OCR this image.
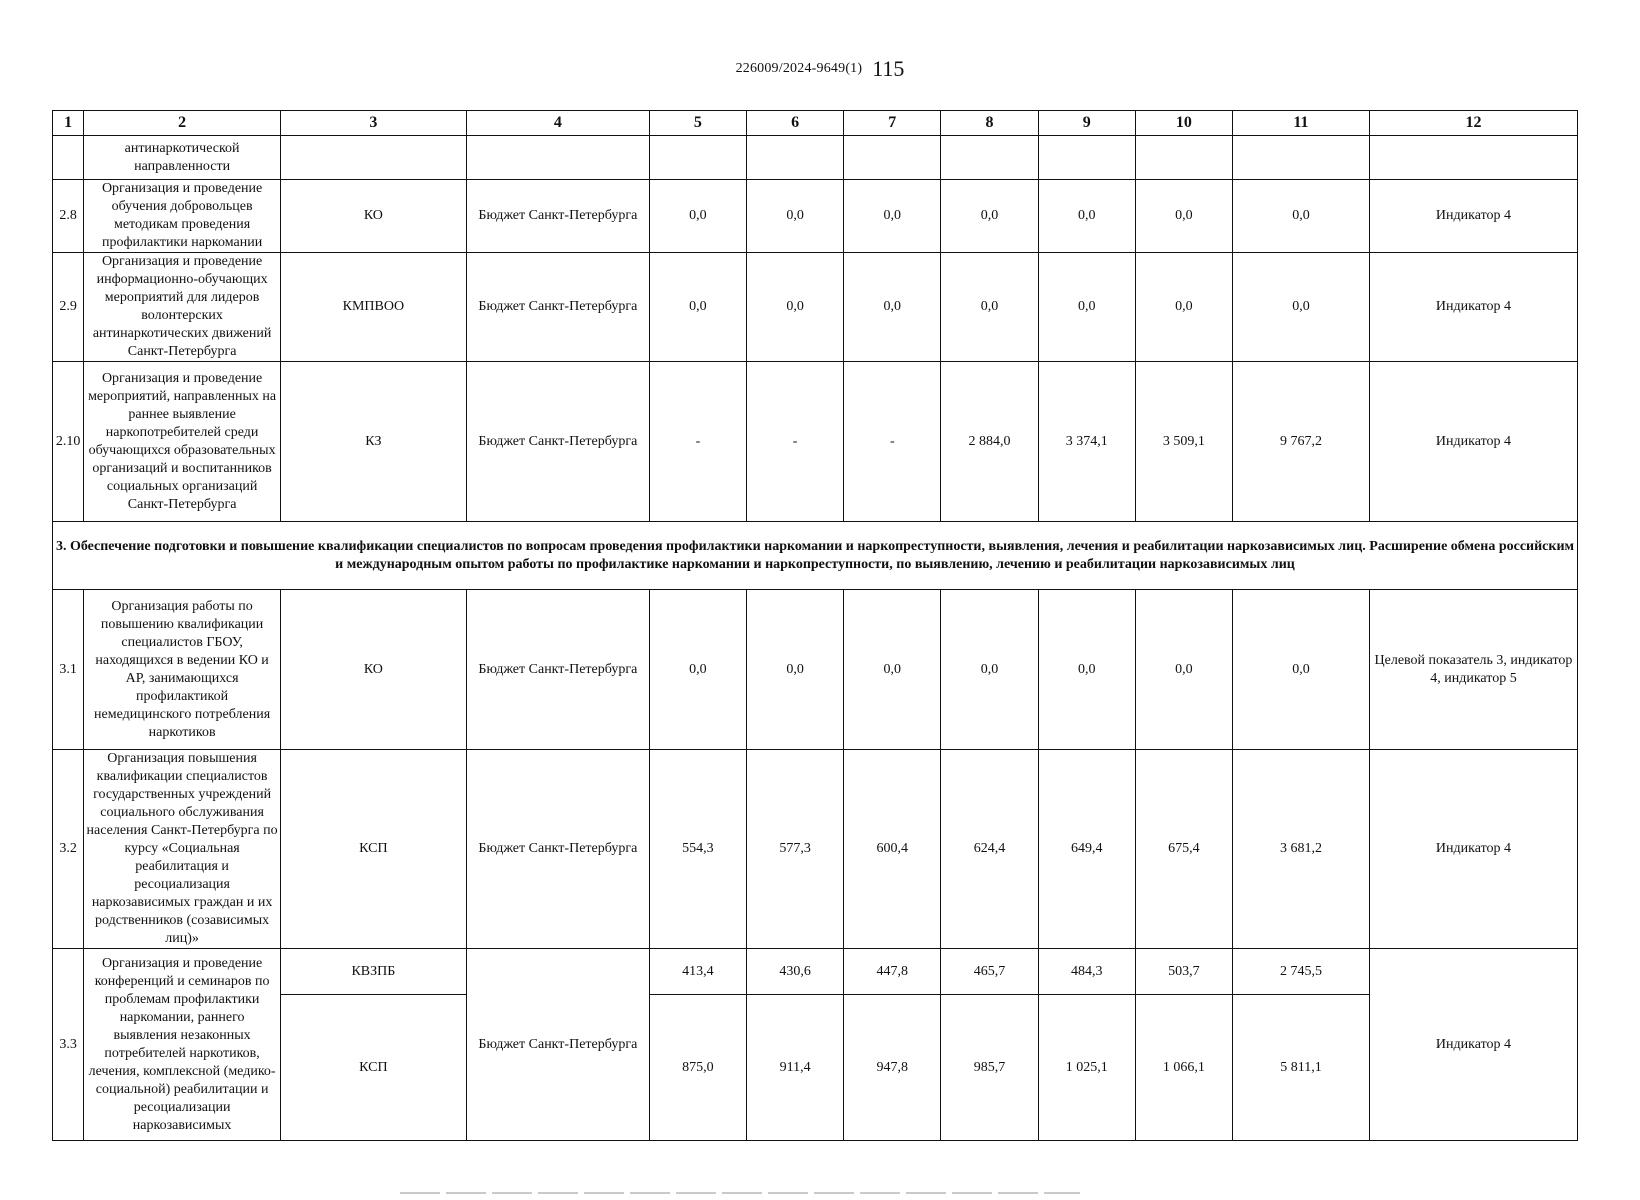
226009/2024-9649(1) 115
1	2	3	4	5	6	7	8	9	10	11	12
	антинаркотической направленности										
2.8	Организация и проведение обучения добровольцев методикам проведения профилактики наркомании	КО	Бюджет Санкт-Петербурга	0,0	0,0	0,0	0,0	0,0	0,0	0,0	Индикатор 4
2.9	Организация и проведение информационно-обучающих мероприятий для лидеров волонтерских антинаркотических движений Санкт-Петербурга	КМПВОО	Бюджет Санкт-Петербурга	0,0	0,0	0,0	0,0	0,0	0,0	0,0	Индикатор 4
2.10	Организация и проведение мероприятий, направленных на раннее выявление наркопотребителей среди обучающихся образовательных организаций и воспитанников социальных организаций Санкт-Петербурга	КЗ	Бюджет Санкт-Петербурга	-	-	-	2 884,0	3 374,1	3 509,1	9 767,2	Индикатор 4
3. Обеспечение подготовки и повышение квалификации специалистов по вопросам проведения профилактики наркомании и наркопреступности, выявления, лечения и реабилитации наркозависимых лиц. Расширение обмена российским и международным опытом работы по профилактике наркомании и наркопреступности, по выявлению, лечению и реабилитации наркозависимых лиц											
3.1	Организация работы по повышению квалификации специалистов ГБОУ, находящихся в ведении КО и АР, занимающихся профилактикой немедицинского потребления наркотиков	КО	Бюджет Санкт-Петербурга	0,0	0,0	0,0	0,0	0,0	0,0	0,0	Целевой показатель 3, индикатор 4, индикатор 5
3.2	Организация повышения квалификации специалистов государственных учреждений социального обслуживания населения Санкт-Петербурга по курсу «Социальная реабилитация и ресоциализация наркозависимых граждан и их родственников (созависимых лиц)»	КСП	Бюджет Санкт-Петербурга	554,3	577,3	600,4	624,4	649,4	675,4	3 681,2	Индикатор 4
3.3	Организация и проведение конференций и семинаров по проблемам профилактики наркомании, раннего выявления незаконных потребителей наркотиков, лечения, комплексной (медико-социальной) реабилитации и ресоциализации наркозависимых	КВЗПБ	Бюджет Санкт-Петербурга	413,4	430,6	447,8	465,7	484,3	503,7	2 745,5	Индикатор 4
		КСП		875,0	911,4	947,8	985,7	1 025,1	1 066,1	5 811,1	
